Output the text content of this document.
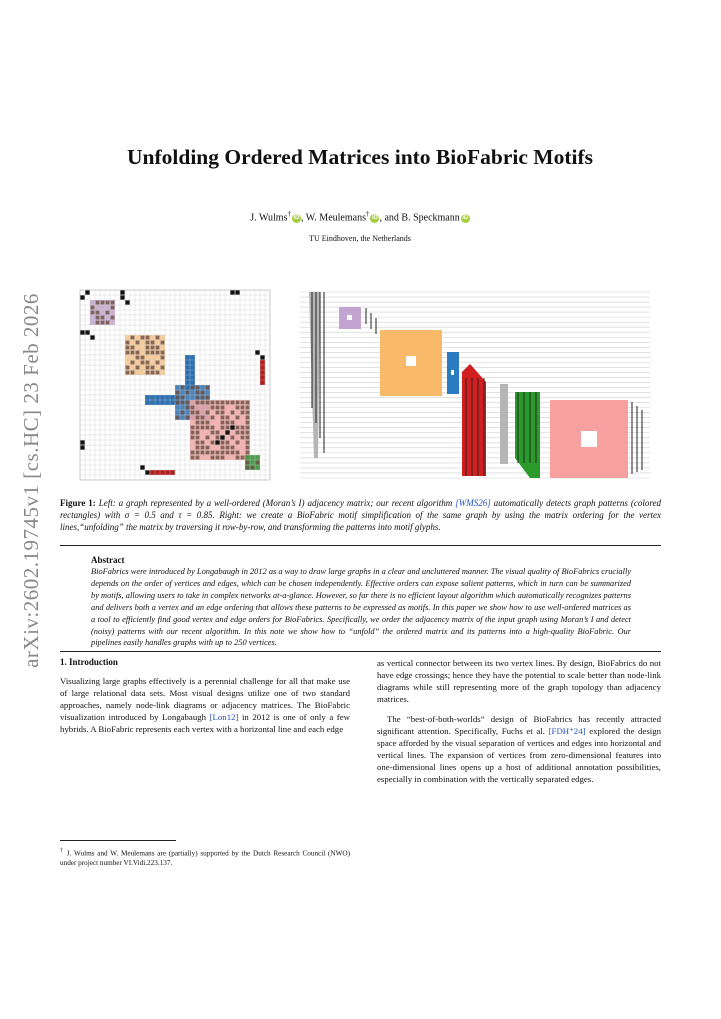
arXiv:2602.19745v1 [cs.HC] 23 Feb 2026
Unfolding Ordered Matrices into BioFabric Motifs
J. Wulms†iD , W. Meulemans†iD , and B. Speckmann iD
TU Eindhoven, the Netherlands
Figure 1: Left: a graph represented by a well-ordered (Moran’s I) adjacency matrix; our recent algorithm [WMS26] automatically detects graph patterns (colored rectangles) with σ = 0.5 and τ = 0.85. Right: we create a BioFabric motif simplification of the same graph by using the matrix ordering for the vertex lines,“unfolding” the matrix by traversing it row-by-row, and transforming the patterns into motif glyphs.
Abstract
BioFabrics were introduced by Longabaugh in 2012 as a way to draw large graphs in a clear and uncluttered manner. The visual quality of BioFabrics crucially depends on the order of vertices and edges, which can be chosen independently. Effective orders can expose salient patterns, which in turn can be summarized by motifs, allowing users to take in complex networks at-a-glance. However, so far there is no efficient layout algorithm which automatically recognizes patterns and delivers both a vertex and an edge ordering that allows these patterns to be expressed as motifs. In this paper we show how to use well-ordered matrices as a tool to efficiently find good vertex and edge orders for BioFabrics. Specifically, we order the adjacency matrix of the input graph using Moran’s I and detect (noisy) patterns with our recent algorithm. In this note we show how to “unfold” the ordered matrix and its patterns into a high-quality BioFabric. Our pipelines easily handles graphs with up to 250 vertices.
1. Introduction

Visualizing large graphs effectively is a perennial challenge for all that make use of large relational data sets. Most visual designs utilize one of two standard approaches, namely node-link diagrams or adjacency matrices. The BioFabric visualization introduced by Longabaugh [Lon12] in 2012 is one of only a few hybrids. A BioFabric represents each vertex with a horizontal line and each edge

as vertical connector between its two vertex lines. By design, BioFabrics do not have edge crossings; hence they have the potential to scale better than node-link diagrams while still representing more of the graph topology than adjacency matrices.

The “best-of-both-worlds” design of BioFabrics has recently attracted significant attention. Specifically, Fuchs et al. [FDH⁺24] explored the design space afforded by the visual separation of vertices and edges into horizontal and vertical lines. The expansion of vertices from zero-dimensional features into one-dimensional lines opens up a host of additional annotation possibilities, especially in combination with the vertically separated edges.

† J. Wulms and W. Meulemans are (partially) supported by the Dutch Research Council (NWO) under project number VI.Vidi.223.137.
